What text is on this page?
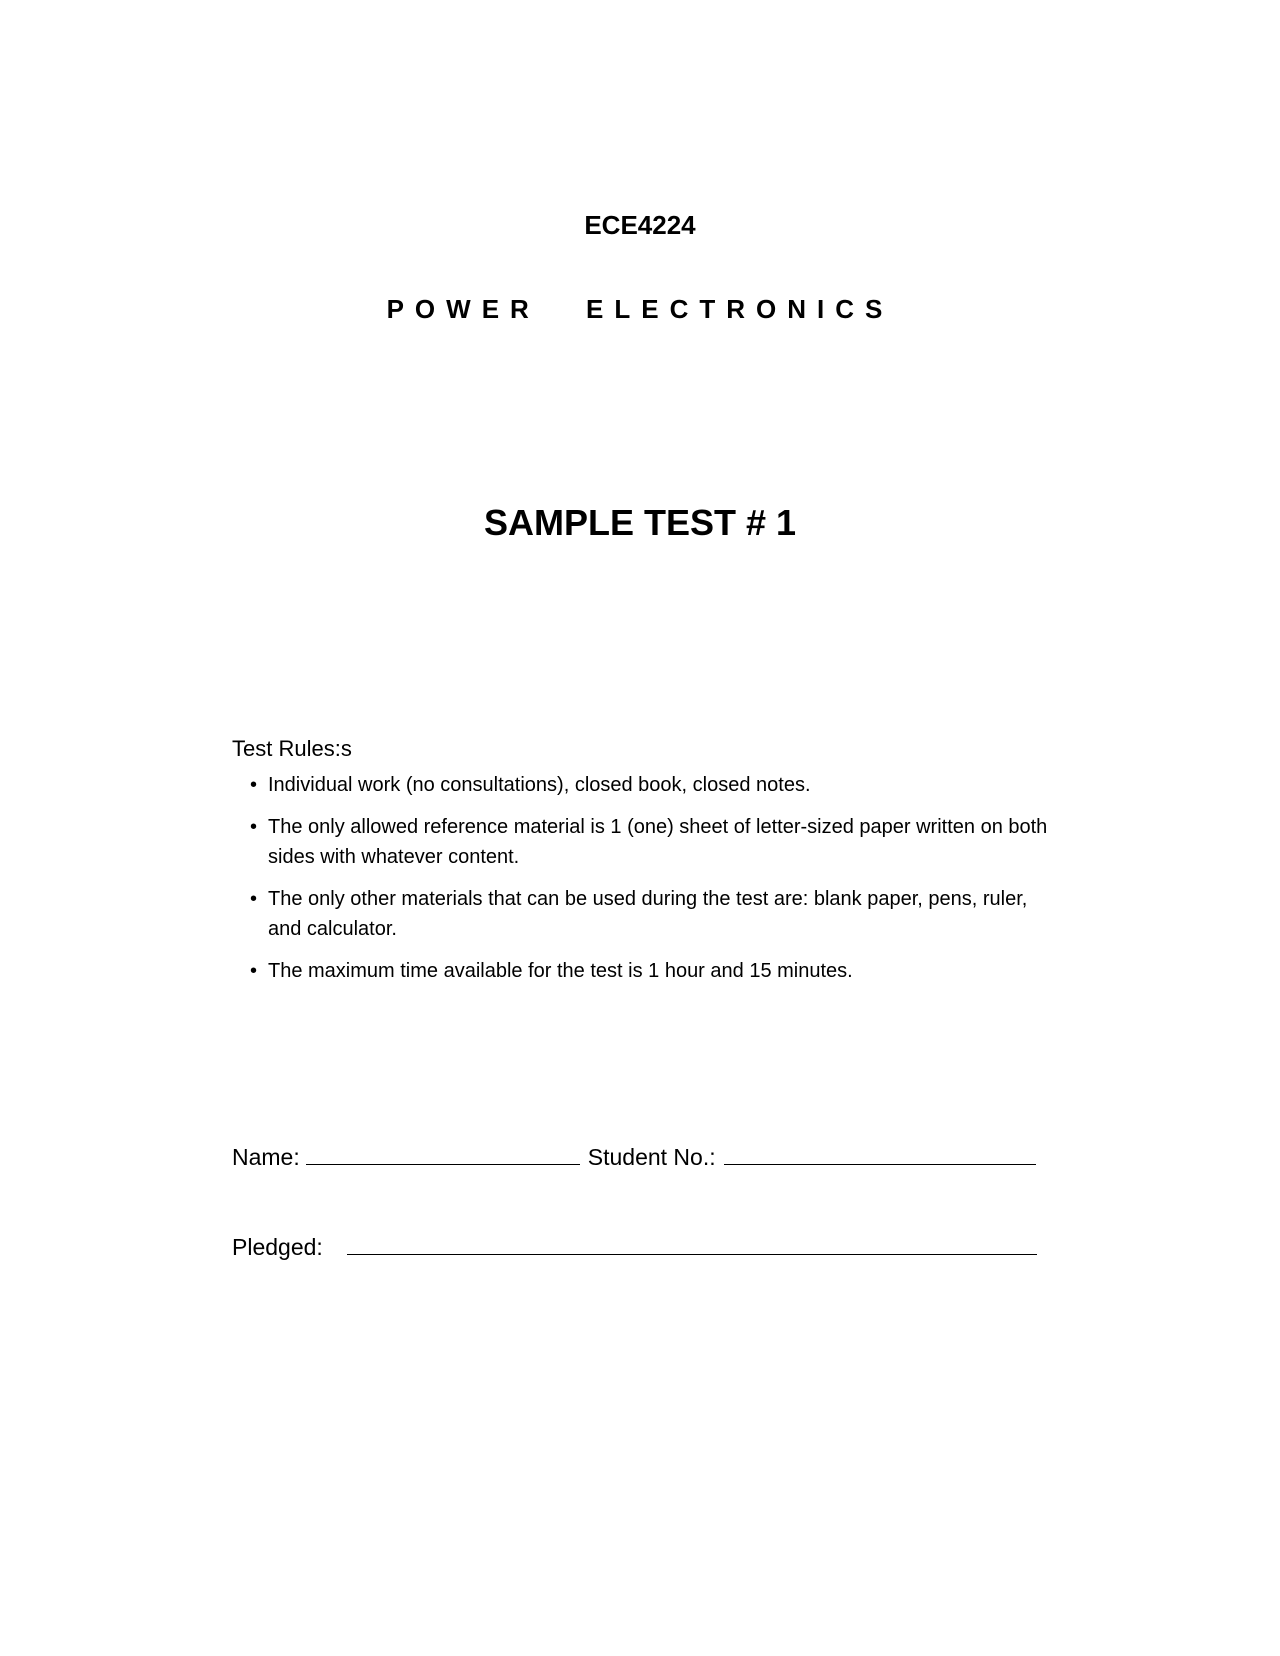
ECE4224
POWER ELECTRONICS
SAMPLE TEST # 1
Test Rules:s
• Individual work (no consultations), closed book, closed notes.
• The only allowed reference material is 1 (one) sheet of letter-sized paper written on both sides with whatever content.
• The only other materials that can be used during the test are: blank paper, pens, ruler, and calculator.
• The maximum time available for the test is 1 hour and 15 minutes.
Name:	Student No.:
Pledged:
